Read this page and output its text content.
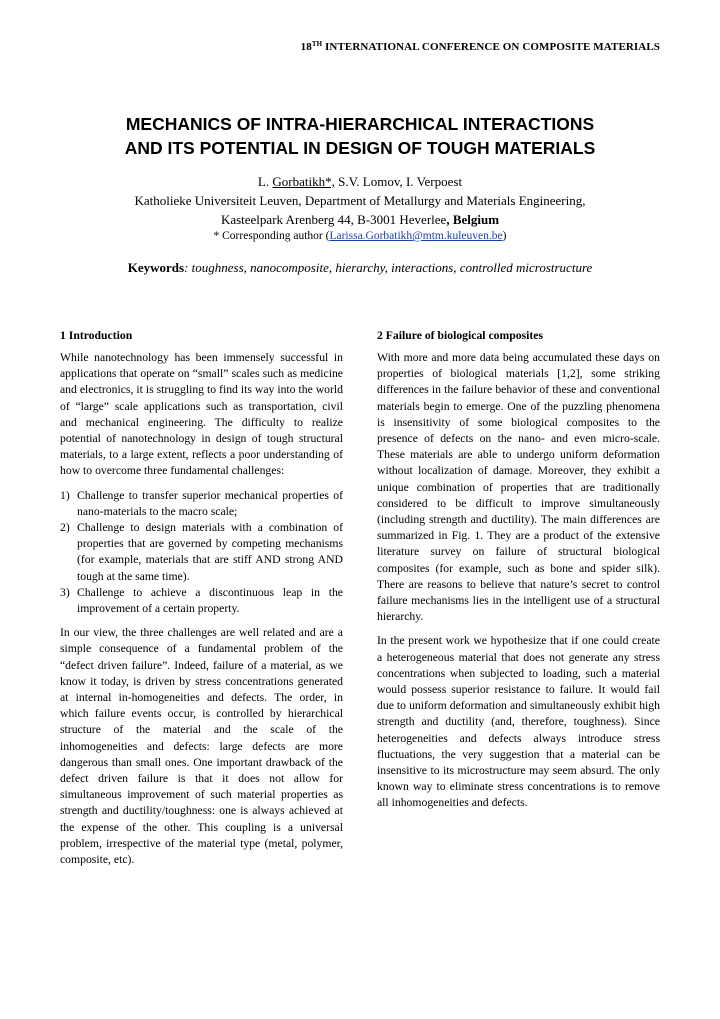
18TH INTERNATIONAL CONFERENCE ON COMPOSITE MATERIALS
MECHANICS OF INTRA-HIERARCHICAL INTERACTIONS
AND ITS POTENTIAL IN DESIGN OF TOUGH MATERIALS
L. Gorbatikh*, S.V. Lomov, I. Verpoest
Katholieke Universiteit Leuven, Department of Metallurgy and Materials Engineering,
Kasteelpark Arenberg 44, B-3001 Heverlee, Belgium
* Corresponding author (Larissa.Gorbatikh@mtm.kuleuven.be)
Keywords: toughness, nanocomposite, hierarchy, interactions, controlled microstructure
1 Introduction

While nanotechnology has been immensely successful in applications that operate on “small” scales such as medicine and electronics, it is struggling to find its way into the world of “large” scale applications such as transportation, civil and mechanical engineering. The difficulty to realize potential of nanotechnology in design of tough structural materials, to a large extent, reflects a poor understanding of how to overcome three fundamental challenges:

1) Challenge to transfer superior mechanical properties of nano-materials to the macro scale;
2) Challenge to design materials with a combination of properties that are governed by competing mechanisms (for example, materials that are stiff AND strong AND tough at the same time).
3) Challenge to achieve a discontinuous leap in the improvement of a certain property.

In our view, the three challenges are well related and are a simple consequence of a fundamental problem of the “defect driven failure”. Indeed, failure of a material, as we know it today, is driven by stress concentrations generated at internal in-homogeneities and defects. The order, in which failure events occur, is controlled by hierarchical structure of the material and the scale of the inhomogeneities and defects: large defects are more dangerous than small ones. One important drawback of the defect driven failure is that it does not allow for simultaneous improvement of such material properties as strength and ductility/toughness: one is always achieved at the expense of the other. This coupling is a universal problem, irrespective of the material type (metal, polymer, composite, etc).

2 Failure of biological composites

With more and more data being accumulated these days on properties of biological materials [1,2], some striking differences in the failure behavior of these and conventional materials begin to emerge. One of the puzzling phenomena is insensitivity of some biological composites to the presence of defects on the nano- and even micro-scale. These materials are able to undergo uniform deformation without localization of damage. Moreover, they exhibit a unique combination of properties that are traditionally considered to be difficult to improve simultaneously (including strength and ductility). The main differences are summarized in Fig. 1. They are a product of the extensive literature survey on failure of structural biological composites (for example, such as bone and spider silk). There are reasons to believe that nature’s secret to control failure mechanisms lies in the intelligent use of a structural hierarchy.

In the present work we hypothesize that if one could create a heterogeneous material that does not generate any stress concentrations when subjected to loading, such a material would possess superior resistance to failure. It would fail due to uniform deformation and simultaneously exhibit high strength and ductility (and, therefore, toughness). Since heterogeneities and defects always introduce stress fluctuations, the very suggestion that a material can be insensitive to its microstructure may seem absurd. The only known way to eliminate stress concentrations is to remove all inhomogeneities and defects.
